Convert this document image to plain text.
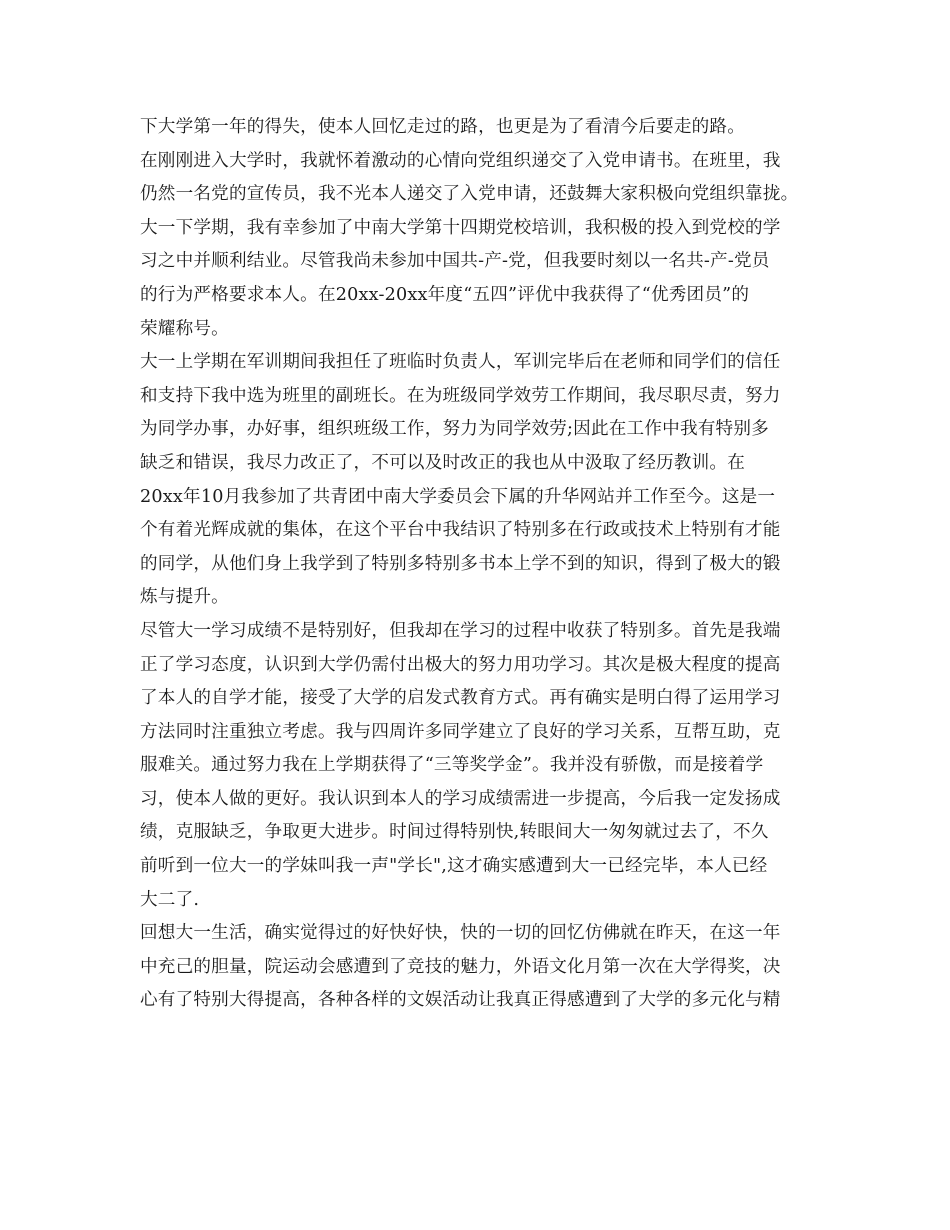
下大学第一年的得失，使本人回忆走过的路，也更是为了看清今后要走的路。
在刚刚进入大学时，我就怀着激动的心情向党组织递交了入党申请书。在班里，我
仍然一名党的宣传员，我不光本人递交了入党申请，还鼓舞大家积极向党组织靠拢。
大一下学期，我有幸参加了中南大学第十四期党校培训，我积极的投入到党校的学
习之中并顺利结业。尽管我尚未参加中国共-产-党，但我要时刻以一名共-产-党员
的行为严格要求本人。在20xx-20xx年度“五四”评优中我获得了“优秀团员”的
荣耀称号。
大一上学期在军训期间我担任了班临时负责人，军训完毕后在老师和同学们的信任
和支持下我中选为班里的副班长。在为班级同学效劳工作期间，我尽职尽责，努力
为同学办事，办好事，组织班级工作，努力为同学效劳;因此在工作中我有特别多
缺乏和错误，我尽力改正了，不可以及时改正的我也从中汲取了经历教训。在
20xx年10月我参加了共青团中南大学委员会下属的升华网站并工作至今。这是一
个有着光辉成就的集体，在这个平台中我结识了特别多在行政或技术上特别有才能
的同学，从他们身上我学到了特别多特别多书本上学不到的知识，得到了极大的锻
炼与提升。
尽管大一学习成绩不是特别好，但我却在学习的过程中收获了特别多。首先是我端
正了学习态度，认识到大学仍需付出极大的努力用功学习。其次是极大程度的提高
了本人的自学才能，接受了大学的启发式教育方式。再有确实是明白得了运用学习
方法同时注重独立考虑。我与四周许多同学建立了良好的学习关系，互帮互助，克
服难关。通过努力我在上学期获得了“三等奖学金”。我并没有骄傲，而是接着学
习，使本人做的更好。我认识到本人的学习成绩需进一步提高，今后我一定发扬成
绩，克服缺乏，争取更大进步。时间过得特别快,转眼间大一匆匆就过去了，不久
前听到一位大一的学妹叫我一声"学长",这才确实感遭到大一已经完毕，本人已经
大二了.
回想大一生活，确实觉得过的好快好快，快的一切的回忆仿佛就在昨天，在这一年
中充己的胆量，院运动会感遭到了竞技的魅力，外语文化月第一次在大学得奖，决
心有了特别大得提高，各种各样的文娱活动让我真正得感遭到了大学的多元化与精
